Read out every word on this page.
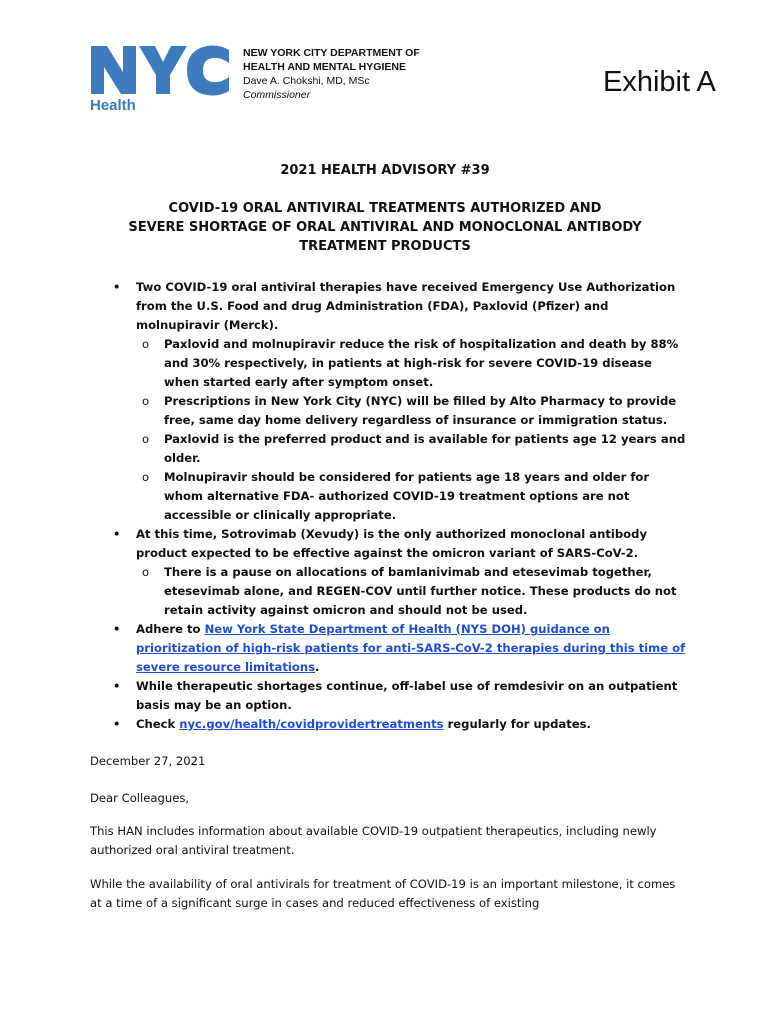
Health
NEW YORK CITY DEPARTMENT OF
HEALTH AND MENTAL HYGIENE
Dave A. Chokshi, MD, MSc
Commissioner	Exhibit A
2021 HEALTH ADVISORY #39
COVID-19 ORAL ANTIVIRAL TREATMENTS AUTHORIZED AND
SEVERE SHORTAGE OF ORAL ANTIVIRAL AND MONOCLONAL ANTIBODY
TREATMENT PRODUCTS
• Two COVID-19 oral antiviral therapies have received Emergency Use Authorization from the U.S. Food and drug Administration (FDA), Paxlovid (Pfizer) and molnupiravir (Merck).
o Paxlovid and molnupiravir reduce the risk of hospitalization and death by 88% and 30% respectively, in patients at high-risk for severe COVID-19 disease when started early after symptom onset.
o Prescriptions in New York City (NYC) will be filled by Alto Pharmacy to provide free, same day home delivery regardless of insurance or immigration status.
o Paxlovid is the preferred product and is available for patients age 12 years and older.
o Molnupiravir should be considered for patients age 18 years and older for whom alternative FDA- authorized COVID-19 treatment options are not accessible or clinically appropriate.
• At this time, Sotrovimab (Xevudy) is the only authorized monoclonal antibody product expected to be effective against the omicron variant of SARS-CoV-2.
o There is a pause on allocations of bamlanivimab and etesevimab together, etesevimab alone, and REGEN-COV until further notice. These products do not retain activity against omicron and should not be used.
• Adhere to New York State Department of Health (NYS DOH) guidance on prioritization of high-risk patients for anti-SARS-CoV-2 therapies during this time of severe resource limitations.
• While therapeutic shortages continue, off-label use of remdesivir on an outpatient basis may be an option.
• Check nyc.gov/health/covidprovidertreatments regularly for updates.
December 27, 2021
Dear Colleagues,
This HAN includes information about available COVID-19 outpatient therapeutics, including newly authorized oral antiviral treatment.
While the availability of oral antivirals for treatment of COVID-19 is an important milestone, it comes at a time of a significant surge in cases and reduced effectiveness of existing
